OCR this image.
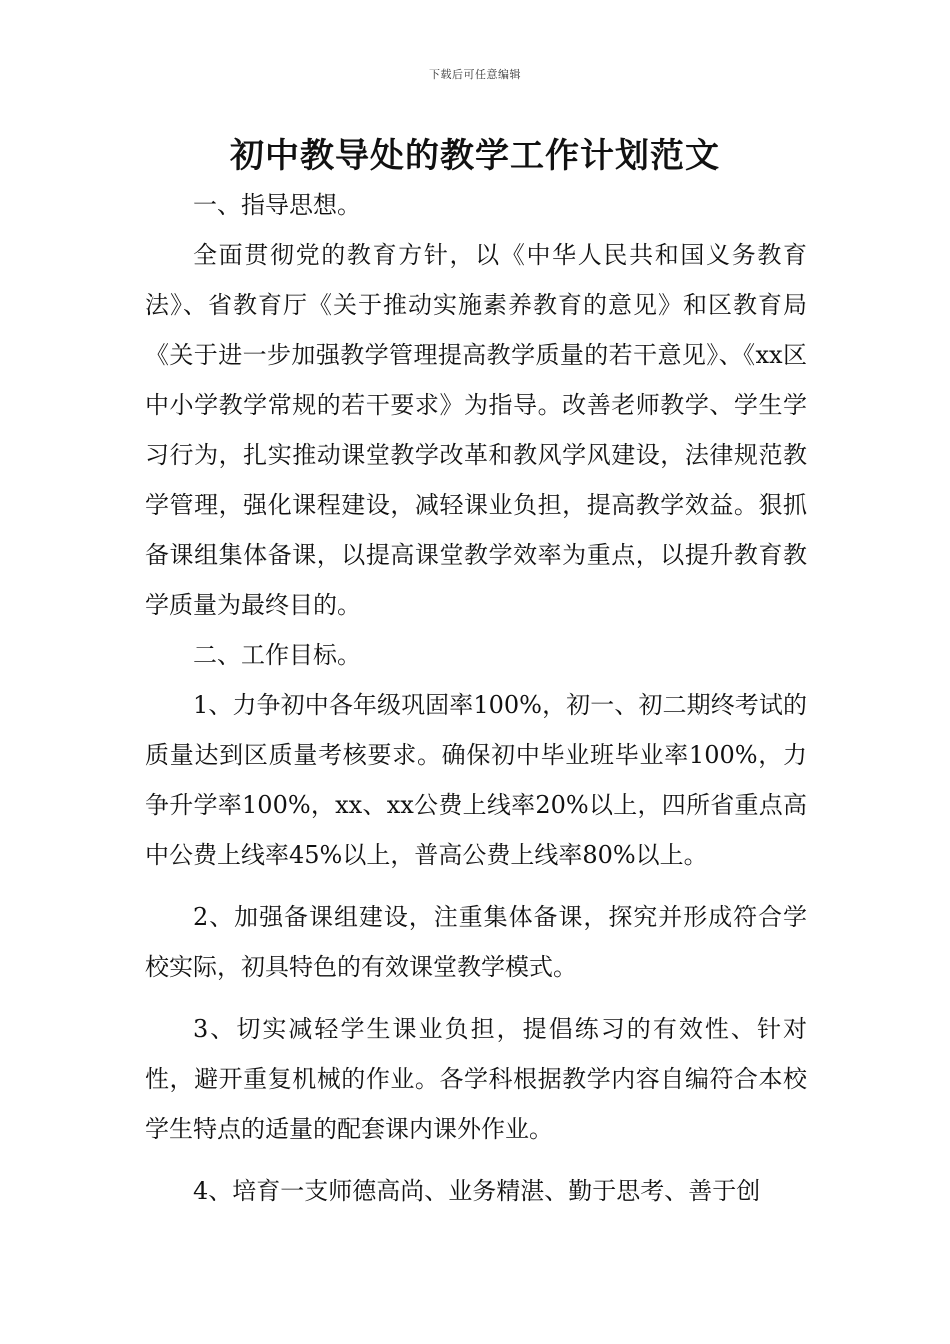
下载后可任意编辑
初中教导处的教学工作计划范文

一、指导思想。

全面贯彻党的教育方针，以《中华人民共和国义务教育法》、省教育厅《关于推动实施素养教育的意见》和区教育局《关于进一步加强教学管理提高教学质量的若干意见》、《xx区中小学教学常规的若干要求》为指导。改善老师教学、学生学习行为，扎实推动课堂教学改革和教风学风建设，法律规范教学管理，强化课程建设，减轻课业负担，提高教学效益。狠抓备课组集体备课，以提高课堂教学效率为重点，以提升教育教学质量为最终目的。

二、工作目标。

1、力争初中各年级巩固率100%，初一、初二期终考试的质量达到区质量考核要求。确保初中毕业班毕业率100%，力争升学率100%，xx、xx公费上线率20%以上，四所省重点高中公费上线率45%以上，普高公费上线率80%以上。

2、加强备课组建设，注重集体备课，探究并形成符合学校实际，初具特色的有效课堂教学模式。

3、切实减轻学生课业负担，提倡练习的有效性、针对性，避开重复机械的作业。各学科根据教学内容自编符合本校学生特点的适量的配套课内课外作业。

4、培育一支师德高尚、业务精湛、勤于思考、善于创
